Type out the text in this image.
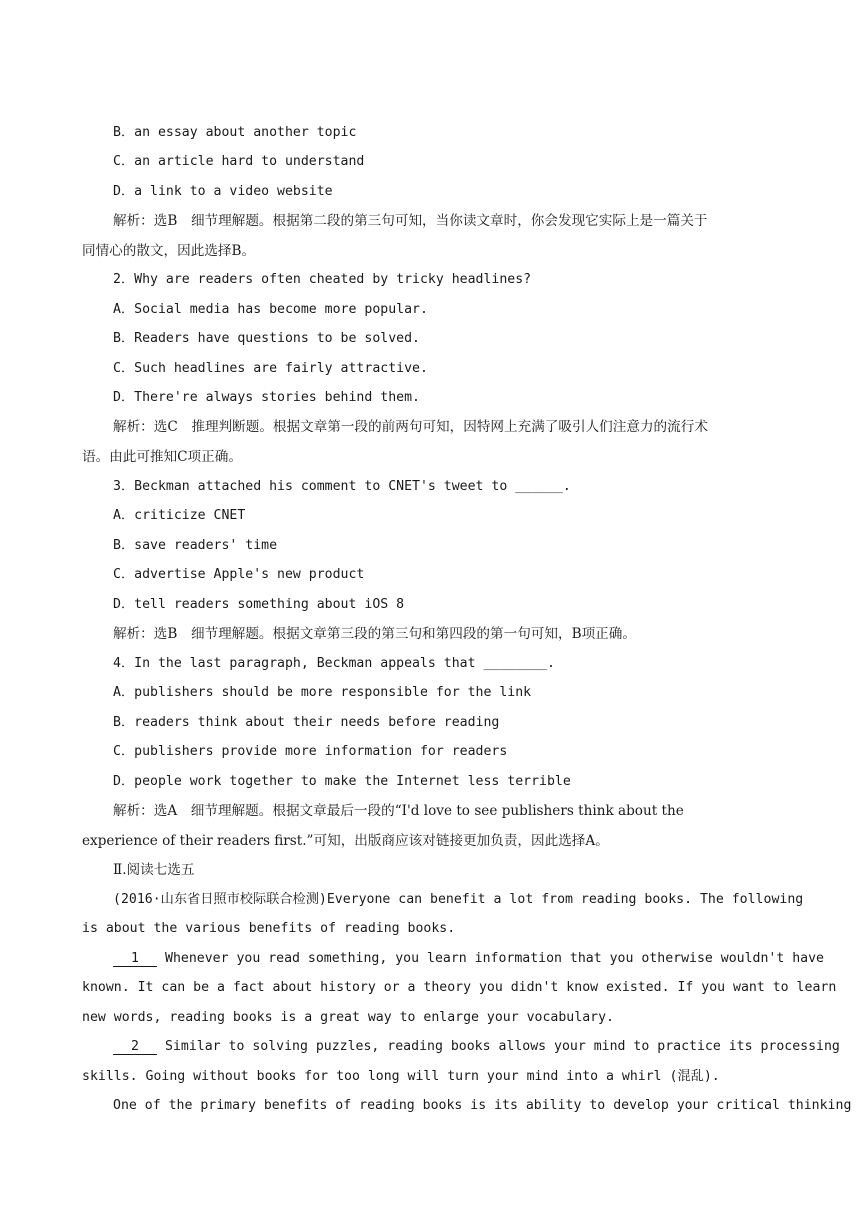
B．an essay about another topic
C．an article hard to understand
D．a link to a video website
解析：选B　细节理解题。根据第二段的第三句可知，当你读文章时，你会发现它实际上是一篇关于
同情心的散文，因此选择B。
2．Why are readers often cheated by tricky headlines?
A．Social media has become more popular.
B．Readers have questions to be solved.
C．Such headlines are fairly attractive.
D．There're always stories behind them.
解析：选C　推理判断题。根据文章第一段的前两句可知，因特网上充满了吸引人们注意力的流行术
语。由此可推知C项正确。
3．Beckman attached his comment to CNET's tweet to ______.
A．criticize CNET
B．save readers' time
C．advertise Apple's new product
D．tell readers something about iOS 8
解析：选B　细节理解题。根据文章第三段的第三句和第四段的第一句可知，B项正确。
4．In the last paragraph, Beckman appeals that ________.
A．publishers should be more responsible for the link
B．readers think about their needs before reading
C．publishers provide more information for readers
D．people work together to make the Internet less terrible
解析：选A　细节理解题。根据文章最后一段的“I'd love to see publishers think about the
experience of their readers first.”可知，出版商应该对链接更加负责，因此选择A。
Ⅱ.阅读七选五
(2016·山东省日照市校际联合检测)Everyone can benefit a lot from reading books. The following
is about the various benefits of reading books.
1 Whenever you read something, you learn information that you otherwise wouldn't have
known. It can be a fact about history or a theory you didn't know existed. If you want to learn
new words, reading books is a great way to enlarge your vocabulary.
2 Similar to solving puzzles, reading books allows your mind to practice its processing
skills. Going without books for too long will turn your mind into a whirl (混乱).
One of the primary benefits of reading books is its ability to develop your critical thinking
